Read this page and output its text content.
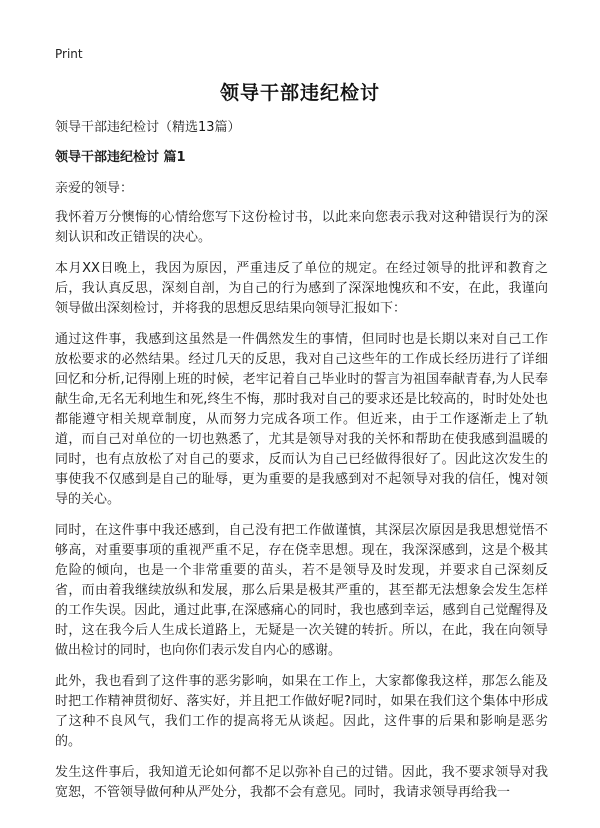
Print
领导干部违纪检讨

领导干部违纪检讨（精选13篇）

领导干部违纪检讨 篇1

亲爱的领导：

我怀着万分懊悔的心情给您写下这份检讨书，以此来向您表示我对这种错误行为的深刻认识和改正错误的决心。

本月XX日晚上，我因为原因，严重违反了单位的规定。在经过领导的批评和教育之后，我认真反思，深刻自剖，为自己的行为感到了深深地愧疚和不安，在此，我谨向领导做出深刻检讨，并将我的思想反思结果向领导汇报如下：

通过这件事，我感到这虽然是一件偶然发生的事情，但同时也是长期以来对自己工作放松要求的必然结果。经过几天的反思，我对自己这些年的工作成长经历进行了详细回忆和分析,记得刚上班的时候，老牢记着自己毕业时的誓言为祖国奉献青春,为人民奉献生命,无名无利地生和死,终生不悔，那时我对自己的要求还是比较高的，时时处处也都能遵守相关规章制度，从而努力完成各项工作。但近来，由于工作逐渐走上了轨道，而自己对单位的一切也熟悉了，尤其是领导对我的关怀和帮助在使我感到温暖的同时，也有点放松了对自己的要求，反而认为自己已经做得很好了。因此这次发生的事使我不仅感到是自己的耻辱，更为重要的是我感到对不起领导对我的信任，愧对领导的关心。

同时，在这件事中我还感到，自己没有把工作做谨慎，其深层次原因是我思想觉悟不够高，对重要事项的重视严重不足，存在侥幸思想。现在，我深深感到，这是个极其危险的倾向，也是一个非常重要的苗头，若不是领导及时发现，并要求自己深刻反省，而由着我继续放纵和发展，那么后果是极其严重的，甚至都无法想象会发生怎样的工作失误。因此，通过此事,在深感痛心的同时，我也感到幸运，感到自己觉醒得及时，这在我今后人生成长道路上，无疑是一次关键的转折。所以，在此，我在向领导做出检讨的同时，也向你们表示发自内心的感谢。

此外，我也看到了这件事的恶劣影响，如果在工作上，大家都像我这样，那怎么能及时把工作精神贯彻好、落实好，并且把工作做好呢?同时，如果在我们这个集体中形成了这种不良风气，我们工作的提高将无从谈起。因此，这件事的后果和影响是恶劣的。

发生这件事后，我知道无论如何都不足以弥补自己的过错。因此，我不要求领导对我宽恕，不管领导做何种从严处分，我都不会有意见。同时，我请求领导再给我一
